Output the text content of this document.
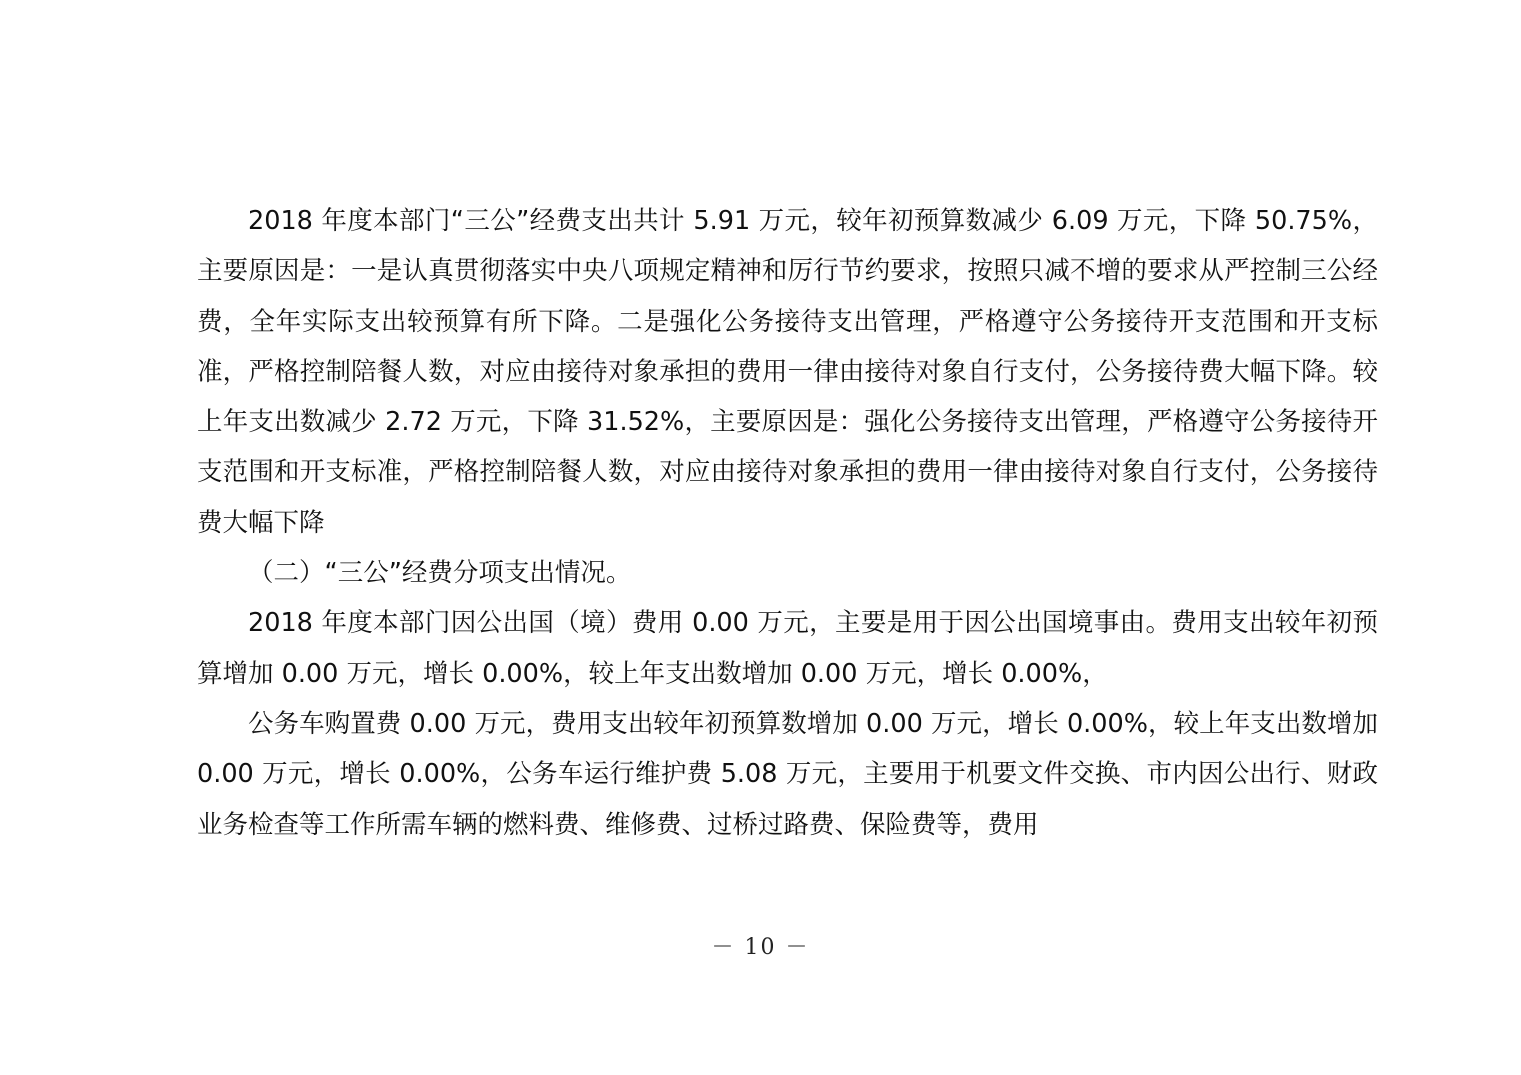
2018 年度本部门“三公”经费支出共计 5.91 万元，较年初预算数减少 6.09 万元，下降 50.75%，主要原因是：一是认真贯彻落实中央八项规定精神和厉行节约要求，按照只减不增的要求从严控制三公经费，全年实际支出较预算有所下降。二是强化公务接待支出管理，严格遵守公务接待开支范围和开支标准，严格控制陪餐人数，对应由接待对象承担的费用一律由接待对象自行支付，公务接待费大幅下降。较上年支出数减少 2.72 万元，下降 31.52%，主要原因是：强化公务接待支出管理，严格遵守公务接待开支范围和开支标准，严格控制陪餐人数，对应由接待对象承担的费用一律由接待对象自行支付，公务接待费大幅下降

（二）“三公”经费分项支出情况。

2018 年度本部门因公出国（境）费用 0.00 万元，主要是用于因公出国境事由。费用支出较年初预算增加 0.00 万元，增长 0.00%，较上年支出数增加 0.00 万元，增长 0.00%，

公务车购置费 0.00 万元，费用支出较年初预算数增加 0.00 万元，增长 0.00%，较上年支出数增加 0.00 万元，增长 0.00%，公务车运行维护费 5.08 万元，主要用于机要文件交换、市内因公出行、财政业务检查等工作所需车辆的燃料费、维修费、过桥过路费、保险费等，费用

－ 10 －
